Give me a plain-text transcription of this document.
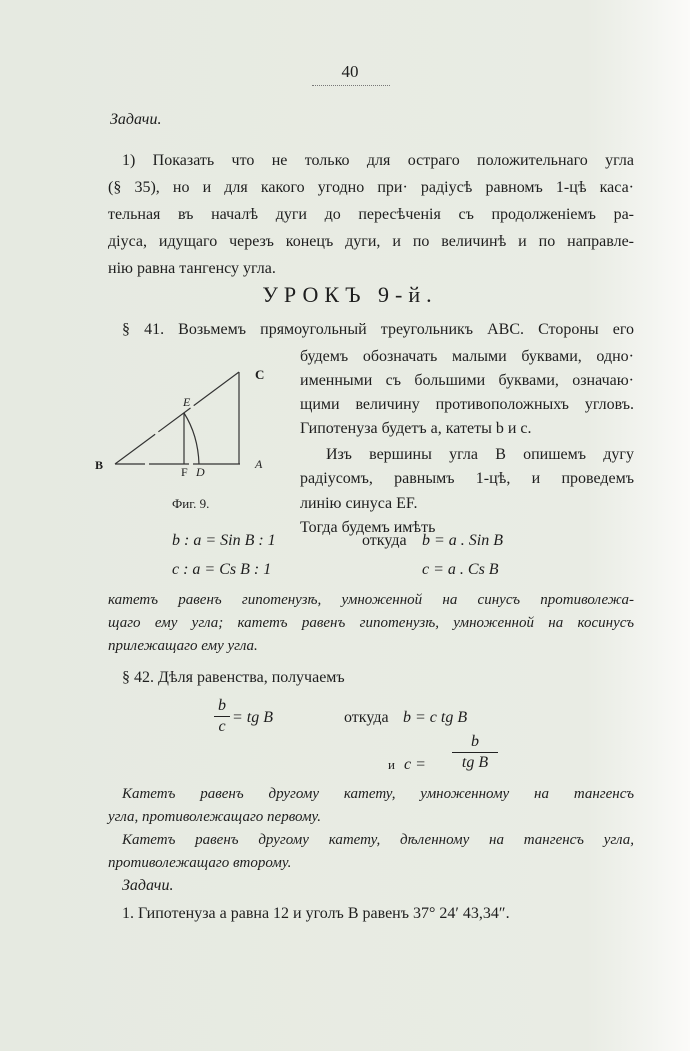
40
Задачи.
1) Показать что не только для остраго положительнаго угла
(§ 35), но и для какого угодно при· радіусѣ равномъ 1-цѣ каса·
тельная въ началѣ дуги до пересѣченія съ продолженіемъ ра-
діуса, идущаго черезъ конецъ дуги, и по величинѣ и по направле-
нію равна тангенсу угла.
УРОКЪ 9-й.
§ 41. Возьмемъ прямоугольный треугольникъ ABC. Стороны его
будемъ обозначать малыми буквами, одно·
именными съ большими буквами, означаю·
щими величину противоположныхъ угловъ.
Гипотенуза будетъ a, катеты b и c.
Изъ вершины угла B опишемъ дугу
радіусомъ, равнымъ 1-цѣ, и проведемъ
линію синуса EF.
Тогда будемъ имѣть
B
C
E
F D
A
Фиг. 9.
b : a = Sin B : 1	откуда b = a . Sin B
c : a = Cs B : 1	c = a . Cs B
катетъ равенъ гипотенузѣ, умноженной на синусъ противолежа-
щаго ему угла; катетъ равенъ гипотенузѣ, умноженной на косинусъ
прилежащаго ему угла.
§ 42. Дѣля равенства, получаемъ
b
c
= tg B	откуда b = c tg B
и c =
b
tg B
Катетъ равенъ другому катету, умноженному на тангенсъ
угла, противолежащаго первому.
Катетъ равенъ другому катету, дѣленному на тангенсъ угла,
противолежащаго второму.
Задачи.
1. Гипотенуза a равна 12 и уголъ B равенъ 37° 24′ 43,34″.
